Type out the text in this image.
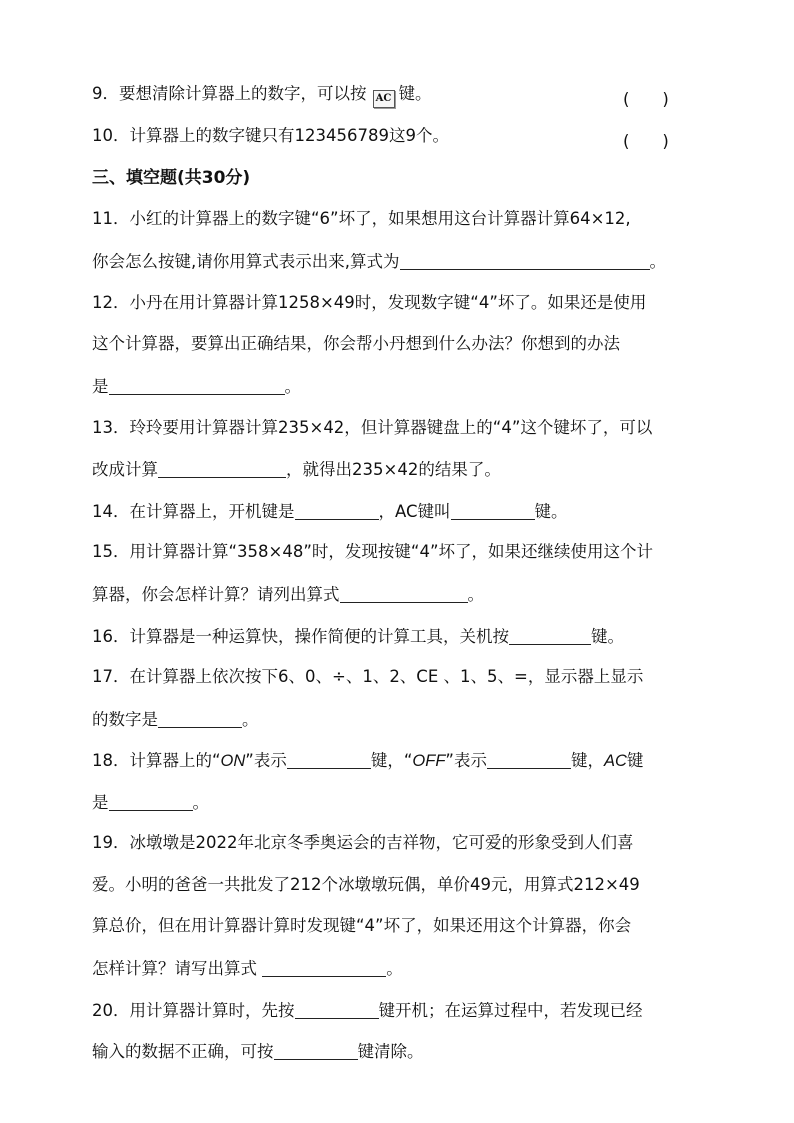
9．要想清除计算器上的数字，可以按 AC 键。	(　　)
10．计算器上的数字键只有123456789这9个。	(　　)
三、填空题(共30分)
11．小红的计算器上的数字键“6”坏了，如果想用这台计算器计算64×12,
你会怎么按键,请你用算式表示出来,算式为	。
12．小丹在用计算器计算1258×49时，发现数字键“4”坏了。如果还是使用
这个计算器，要算出正确结果，你会帮小丹想到什么办法？你想到的办法
是	。
13．玲玲要用计算器计算235×42，但计算器键盘上的“4”这个键坏了，可以
改成计算	，就得出235×42的结果了。
14．在计算器上，开机键是	，AC键叫	键。
15．用计算器计算“358×48”时，发现按键“4”坏了，如果还继续使用这个计
算器，你会怎样计算？请列出算式	。
16．计算器是一种运算快，操作简便的计算工具，关机按	键。
17．在计算器上依次按下6、0、÷、1、2、CE 、1、5、=，显示器上显示
的数字是	。
18．计算器上的“ON”表示	键，“OFF”表示	键，AC键
是	。
19．冰墩墩是2022年北京冬季奥运会的吉祥物，它可爱的形象受到人们喜
爱。小明的爸爸一共批发了212个冰墩墩玩偶，单价49元，用算式212×49
算总价，但在用计算器计算时发现键“4”坏了，如果还用这个计算器，你会
怎样计算？请写出算式	。
20．用计算器计算时，先按	键开机；在运算过程中，若发现已经
输入的数据不正确，可按	键清除。
